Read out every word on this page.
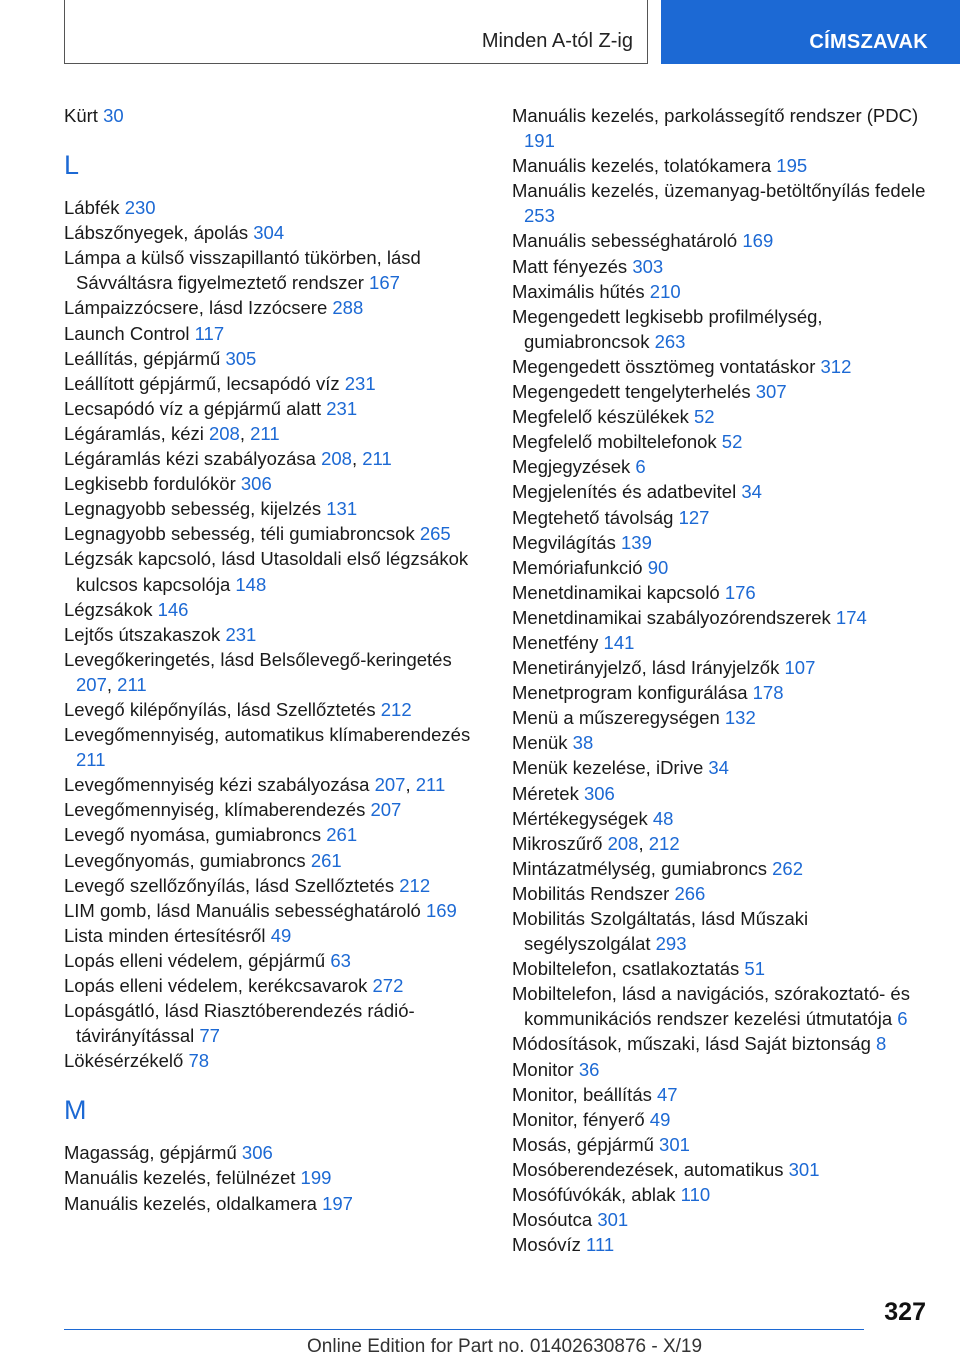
Minden A-tól Z-ig	CÍMSZAVAK
Kürt 30
L
Lábfék 230
Lábszőnyegek, ápolás 304
Lámpa a külső visszapillantó tükörben, lásd Sávváltásra figyelmeztető rendszer 167
Lámpaizzócsere, lásd Izzócsere 288
Launch Control 117
Leállítás, gépjármű 305
Leállított gépjármű, lecsapódó víz 231
Lecsapódó víz a gépjármű alatt 231
Légáramlás, kézi 208, 211
Légáramlás kézi szabályozása 208, 211
Legkisebb fordulókör 306
Legnagyobb sebesség, kijelzés 131
Legnagyobb sebesség, téli gumiabroncsok 265
Légzsák kapcsoló, lásd Utasoldali első légzsákok kulcsos kapcsolója 148
Légzsákok 146
Lejtős útszakaszok 231
Levegőkeringetés, lásd Belsőlevegő-keringetés 207, 211
Levegő kilépőnyílás, lásd Szellőztetés 212
Levegőmennyiség, automatikus klímaberendezés 211
Levegőmennyiség kézi szabályozása 207, 211
Levegőmennyiség, klímaberendezés 207
Levegő nyomása, gumiabroncs 261
Levegőnyomás, gumiabroncs 261
Levegő szellőzőnyílás, lásd Szellőztetés 212
LIM gomb, lásd Manuális sebességhatároló 169
Lista minden értesítésről 49
Lopás elleni védelem, gépjármű 63
Lopás elleni védelem, kerékcsavarok 272
Lopásgátló, lásd Riasztóberendezés rádió-távirányítással 77
Lökésérzékelő 78
M
Magasság, gépjármű 306
Manuális kezelés, felülnézet 199
Manuális kezelés, oldalkamera 197
Manuális kezelés, parkolássegítő rendszer (PDC) 191
Manuális kezelés, tolatókamera 195
Manuális kezelés, üzemanyag-betöltőnyílás fedele 253
Manuális sebességhatároló 169
Matt fényezés 303
Maximális hűtés 210
Megengedett legkisebb profilmélység, gumiabroncsok 263
Megengedett össztömeg vontatáskor 312
Megengedett tengelyterhelés 307
Megfelelő készülékek 52
Megfelelő mobiltelefonok 52
Megjegyzések 6
Megjelenítés és adatbevitel 34
Megtehető távolság 127
Megvilágítás 139
Memóriafunkció 90
Menetdinamikai kapcsoló 176
Menetdinamikai szabályozórendszerek 174
Menetfény 141
Menetirányjelző, lásd Irányjelzők 107
Menetprogram konfigurálása 178
Menü a műszeregységen 132
Menük 38
Menük kezelése, iDrive 34
Méretek 306
Mértékegységek 48
Mikroszűrő 208, 212
Mintázatmélység, gumiabroncs 262
Mobilitás Rendszer 266
Mobilitás Szolgáltatás, lásd Műszaki segélyszolgálat 293
Mobiltelefon, csatlakoztatás 51
Mobiltelefon, lásd a navigációs, szórakoztató- és kommunikációs rendszer kezelési útmutatója 6
Módosítások, műszaki, lásd Saját biztonság 8
Monitor 36
Monitor, beállítás 47
Monitor, fényerő 49
Mosás, gépjármű 301
Mosóberendezések, automatikus 301
Mosófúvókák, ablak 110
Mosóutca 301
Mosóvíz 111
327
Online Edition for Part no. 01402630876 - X/19
